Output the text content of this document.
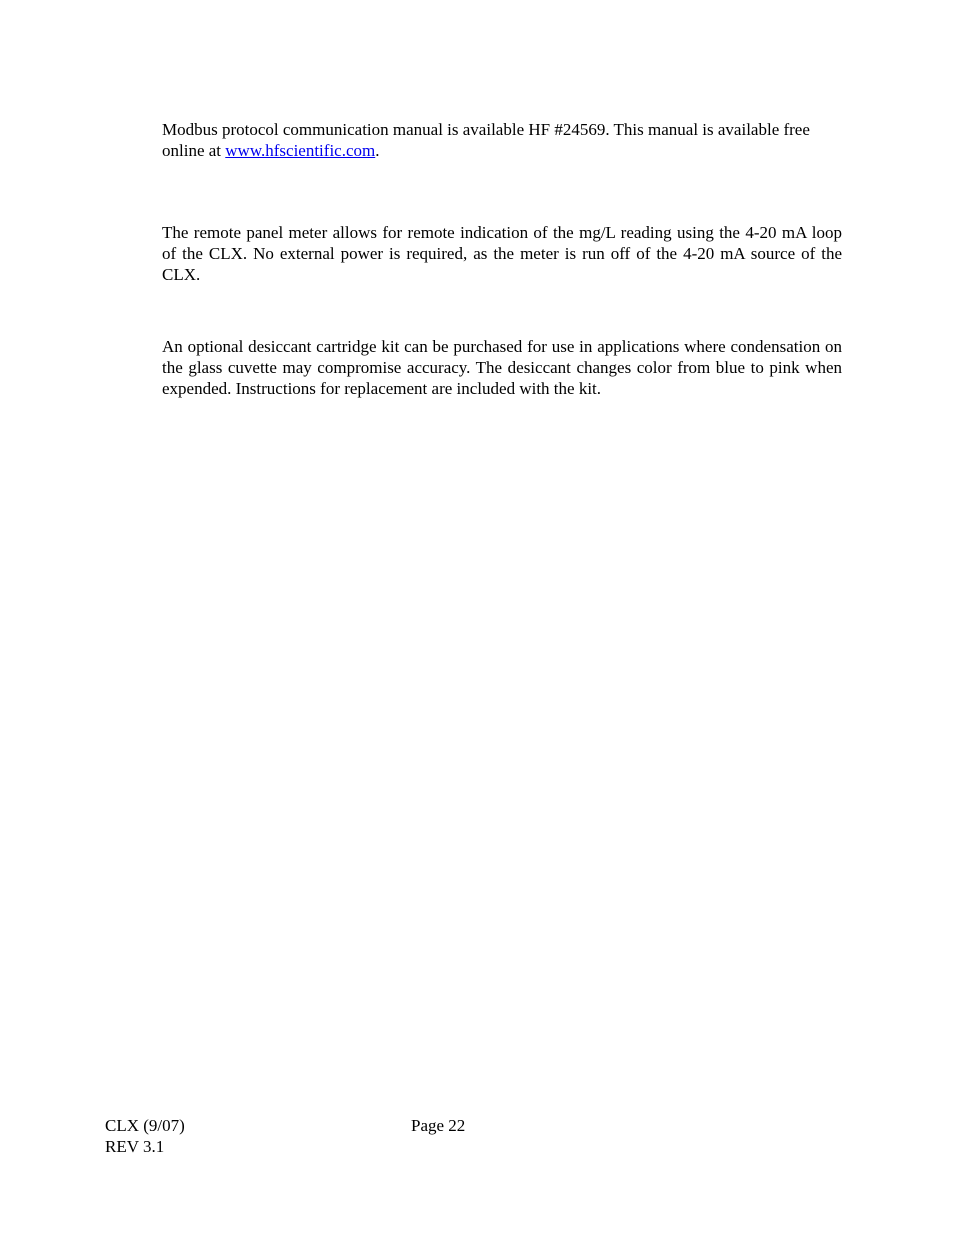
Modbus protocol communication manual is available HF #24569. This manual is available free online at www.hfscientific.com.

The remote panel meter allows for remote indication of the mg/L reading using the 4-20 mA loop of the CLX. No external power is required, as the meter is run off of the 4-20 mA source of the CLX.

An optional desiccant cartridge kit can be purchased for use in applications where condensation on the glass cuvette may compromise accuracy. The desiccant changes color from blue to pink when expended. Instructions for replacement are included with the kit.

CLX (9/07)
REV 3.1
Page 22
